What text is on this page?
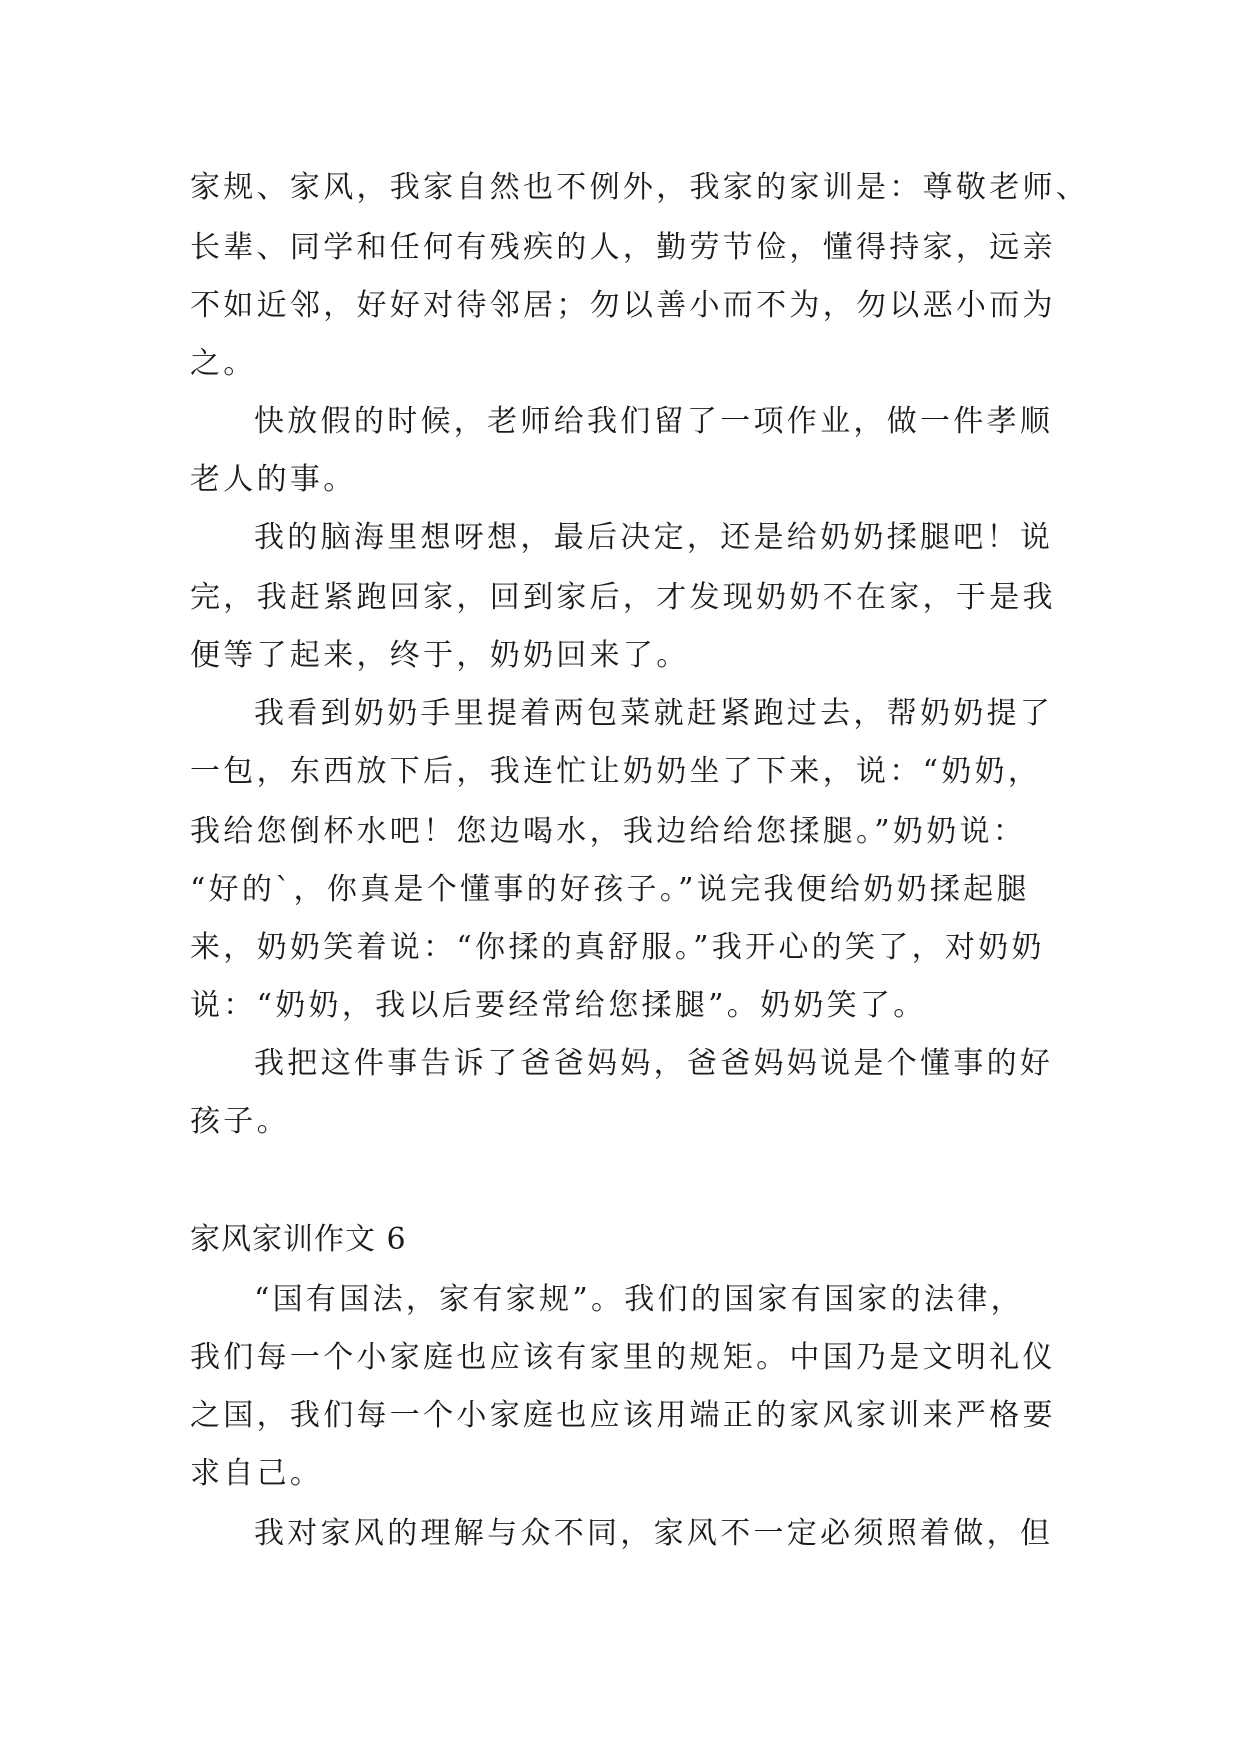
家规、家风，我家自然也不例外，我家的家训是：尊敬老师、
长辈、同学和任何有残疾的人，勤劳节俭，懂得持家，远亲
不如近邻，好好对待邻居；勿以善小而不为，勿以恶小而为
之。
快放假的时候，老师给我们留了一项作业，做一件孝顺
老人的事。
我的脑海里想呀想，最后决定，还是给奶奶揉腿吧！说
完，我赶紧跑回家，回到家后，才发现奶奶不在家，于是我
便等了起来，终于，奶奶回来了。
我看到奶奶手里提着两包菜就赶紧跑过去，帮奶奶提了
一包，东西放下后，我连忙让奶奶坐了下来，说：“奶奶，
我给您倒杯水吧！您边喝水，我边给给您揉腿。”奶奶说：
“好的`，你真是个懂事的好孩子。”说完我便给奶奶揉起腿
来，奶奶笑着说：“你揉的真舒服。”我开心的笑了，对奶奶
说：“奶奶，我以后要经常给您揉腿”。奶奶笑了。
我把这件事告诉了爸爸妈妈，爸爸妈妈说是个懂事的好
孩子。
家风家训作文 6
“国有国法，家有家规”。我们的国家有国家的法律，
我们每一个小家庭也应该有家里的规矩。中国乃是文明礼仪
之国，我们每一个小家庭也应该用端正的家风家训来严格要
求自己。
我对家风的理解与众不同，家风不一定必须照着做，但
